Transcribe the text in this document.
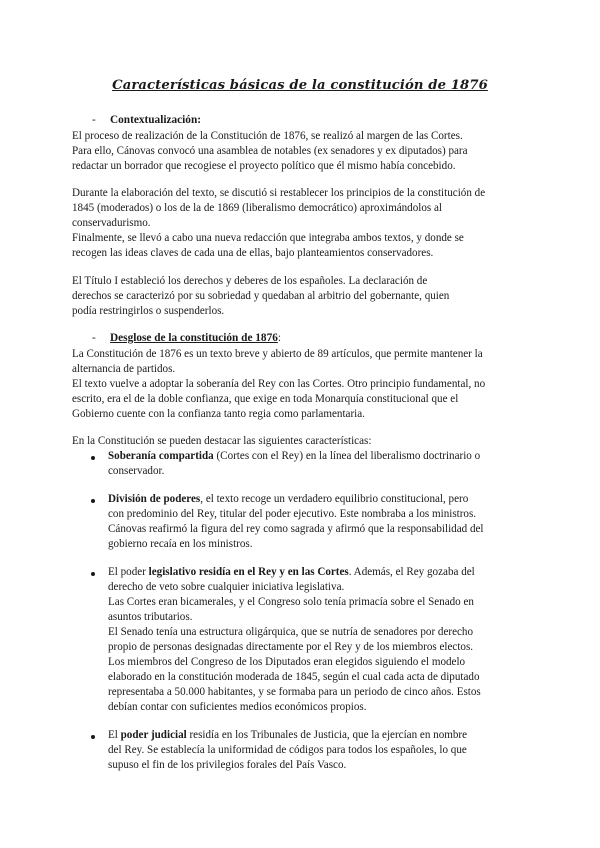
Características básicas de la constitución de 1876
- Contextualización:
El proceso de realización de la Constitución de 1876, se realizó al margen de las Cortes.
Para ello, Cánovas convocó una asamblea de notables (ex senadores y ex diputados) para
redactar un borrador que recogiese el proyecto político que él mismo había concebido.
Durante la elaboración del texto, se discutió si restablecer los principios de la constitución de
1845 (moderados) o los de la de 1869 (liberalismo democrático) aproximándolos al
conservadurismo.
Finalmente, se llevó a cabo una nueva redacción que integraba ambos textos, y donde se
recogen las ideas claves de cada una de ellas, bajo planteamientos conservadores.
El Título I estableció los derechos y deberes de los españoles. La declaración de
derechos se caracterizó por su sobriedad y quedaban al arbitrio del gobernante, quien
podía restringirlos o suspenderlos.
- Desglose de la constitución de 1876:
La Constitución de 1876 es un texto breve y abierto de 89 artículos, que permite mantener la
alternancia de partidos.
El texto vuelve a adoptar la soberanía del Rey con las Cortes. Otro principio fundamental, no
escrito, era el de la doble confianza, que exige en toda Monarquía constitucional que el
Gobierno cuente con la confianza tanto regia como parlamentaria.
En la Constitución se pueden destacar las siguientes características:
Soberanía compartida (Cortes con el Rey) en la línea del liberalismo doctrinario o
conservador.
División de poderes, el texto recoge un verdadero equilibrio constitucional, pero
con predominio del Rey, titular del poder ejecutivo. Este nombraba a los ministros.
Cánovas reafirmó la figura del rey como sagrada y afirmó que la responsabilidad del
gobierno recaía en los ministros.
El poder legislativo residía en el Rey y en las Cortes. Además, el Rey gozaba del
derecho de veto sobre cualquier iniciativa legislativa.
Las Cortes eran bicamerales, y el Congreso solo tenía primacía sobre el Senado en
asuntos tributarios.
El Senado tenía una estructura oligárquica, que se nutría de senadores por derecho
propio de personas designadas directamente por el Rey y de los miembros electos.
Los miembros del Congreso de los Diputados eran elegidos siguiendo el modelo
elaborado en la constitución moderada de 1845, según el cual cada acta de diputado
representaba a 50.000 habitantes, y se formaba para un periodo de cinco años. Estos
debían contar con suficientes medios económicos propios.
El poder judicial residía en los Tribunales de Justicia, que la ejercían en nombre
del Rey. Se establecía la uniformidad de códigos para todos los españoles, lo que
supuso el fin de los privilegios forales del País Vasco.
